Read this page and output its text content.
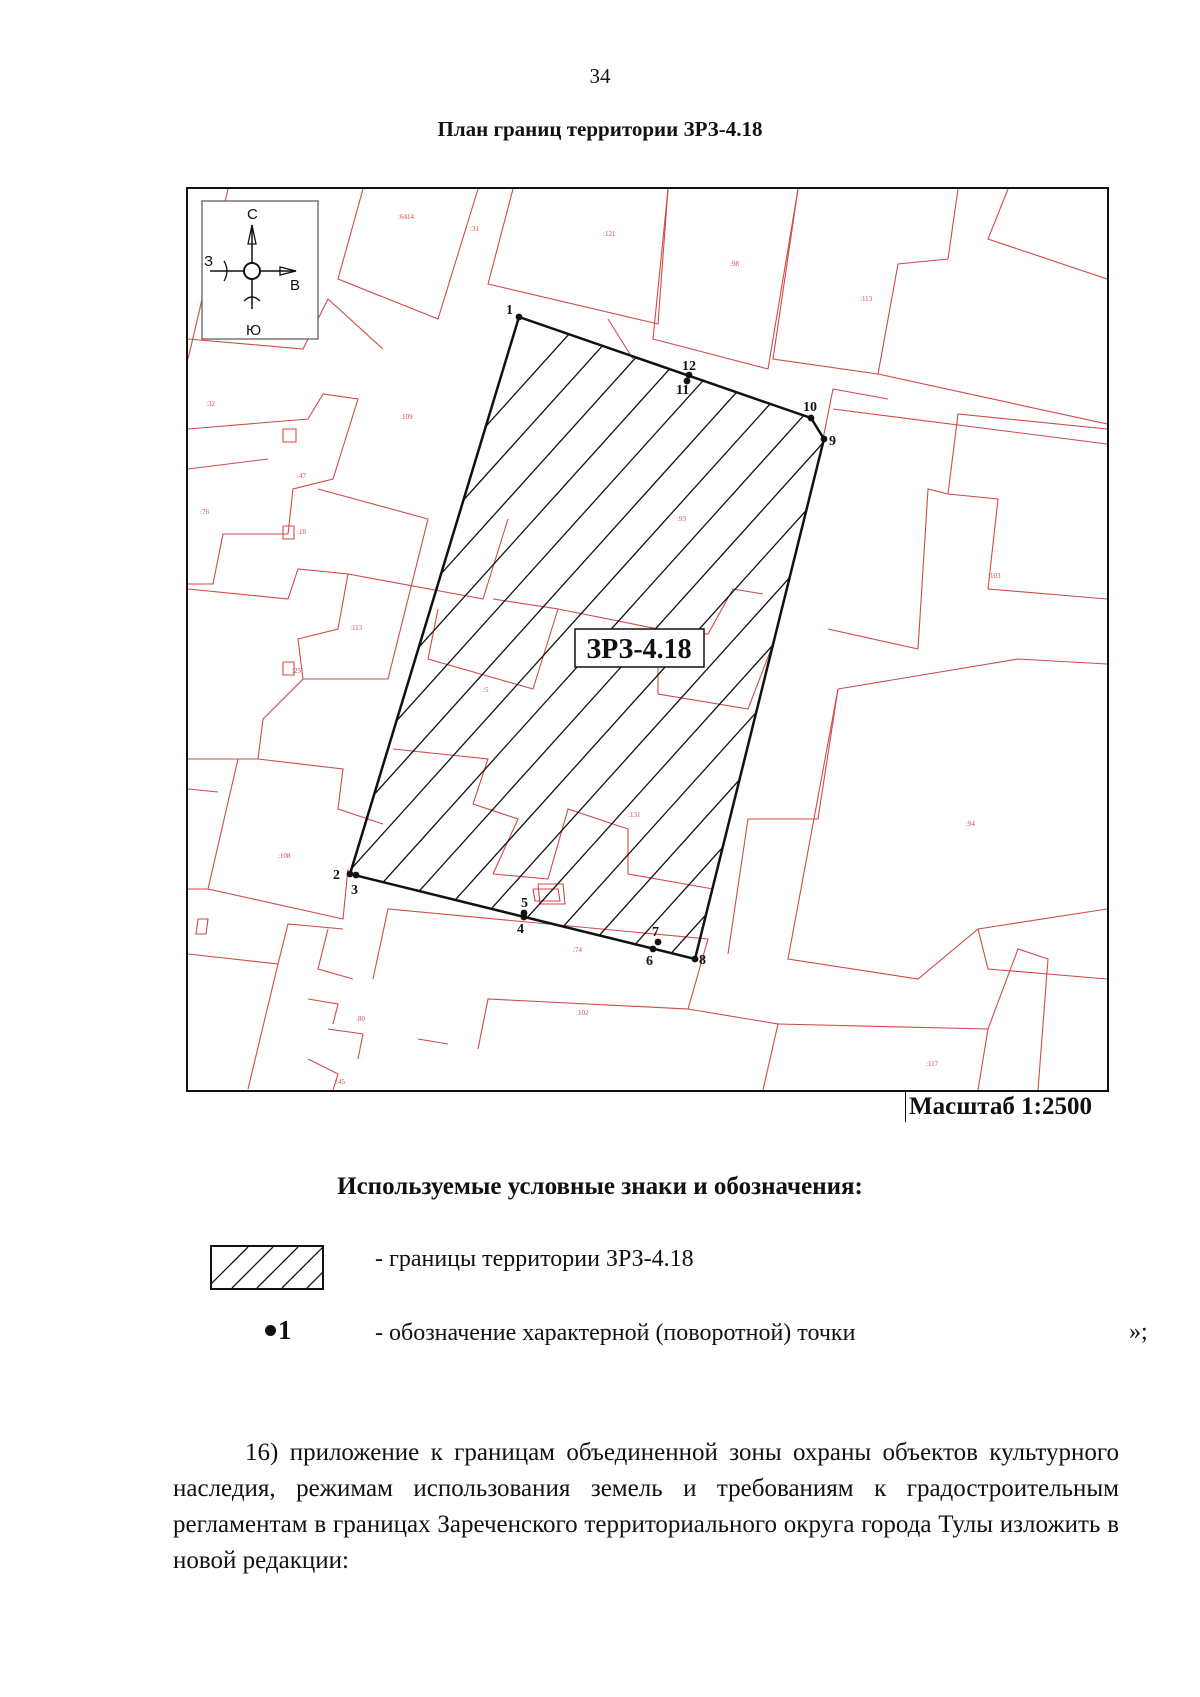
34
План границ территории ЗРЗ-4.18
:6414
:31
:121
:98
:113
:32
:109
:47
:76
:18
:113
:25
:93
:103
:5
:131
:94
:108
:74
:102
:117
:80
:45
1
2
3
4
5
6
7
8
9
10
11
12
ЗРЗ-4.18
С
Ю
З
В
Масштаб 1:2500
Используемые условные знаки и обозначения:
- границы территории ЗРЗ-4.18
1	- обозначение характерной (поворотной) точки	»;
16) приложение к границам объединенной зоны охраны объектов культурного наследия, режимам использования земель и требованиям к градостроительным регламентам в границах Зареченского территориального округа города Тулы изложить в новой редакции:
